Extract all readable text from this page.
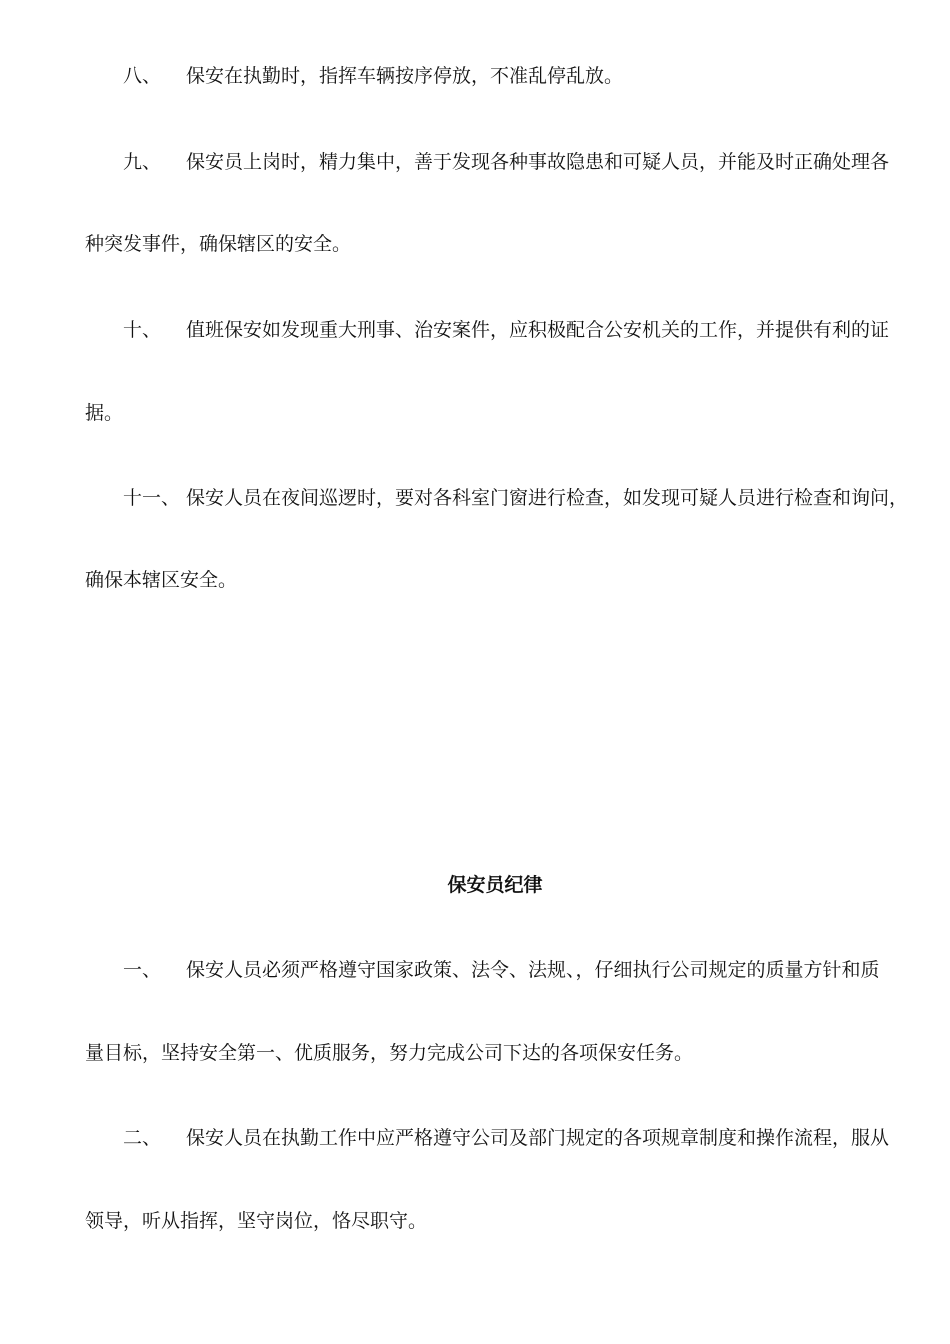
八、 保安在执勤时，指挥车辆按序停放，不准乱停乱放。
九、 保安员上岗时，精力集中，善于发现各种事故隐患和可疑人员，并能及时正确处理各
种突发事件，确保辖区的安全。
十、 值班保安如发现重大刑事、治安案件，应积极配合公安机关的工作，并提供有利的证
据。
十一、 保安人员在夜间巡逻时，要对各科室门窗进行检查，如发现可疑人员进行检查和询问，
确保本辖区安全。
保安员纪律
一、 保安人员必须严格遵守国家政策、法令、法规、，仔细执行公司规定的质量方针和质
量目标，坚持安全第一、优质服务，努力完成公司下达的各项保安任务。
二、 保安人员在执勤工作中应严格遵守公司及部门规定的各项规章制度和操作流程，服从
领导，听从指挥，坚守岗位，恪尽职守。
